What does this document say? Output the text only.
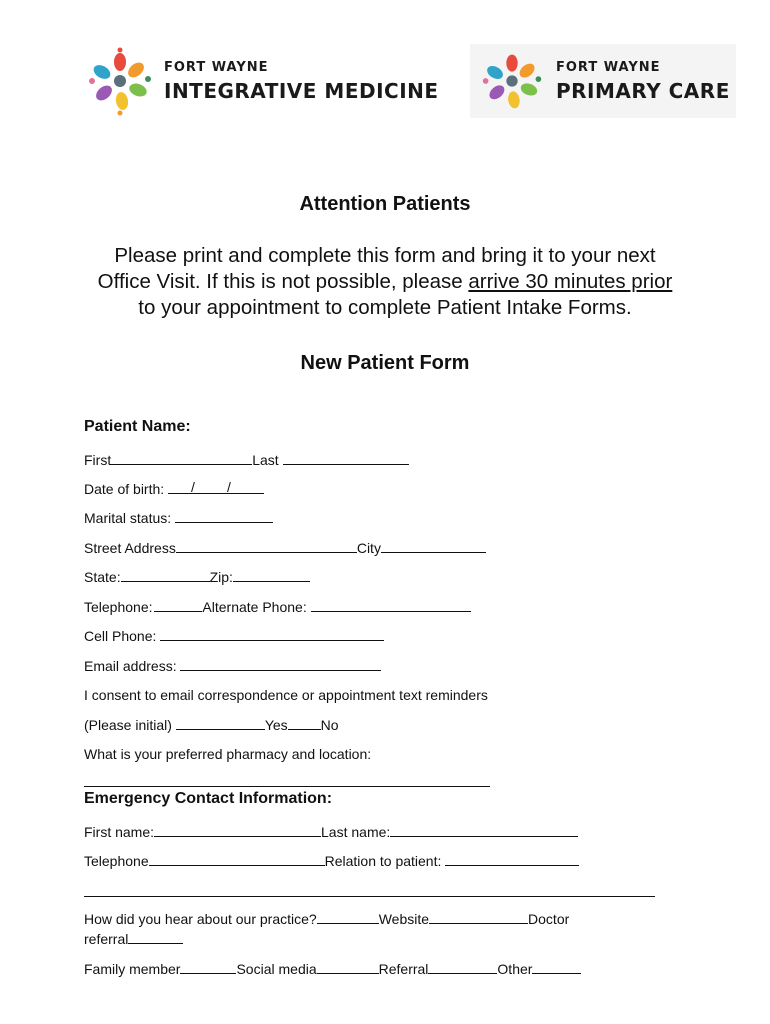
FORT WAYNE
INTEGRATIVE MEDICINE
FORT WAYNE
PRIMARY CARE
Attention Patients
Please print and complete this form and bring it to your next
Office Visit. If this is not possible, please arrive 30 minutes prior
to your appointment to complete Patient Intake Forms.
New Patient Form
Patient Name:
First	Last
Date of birth: / /
Marital status:
Street Address	City
State:	Zip:
Telephone:	Alternate Phone:
Cell Phone:
Email address:
I consent to email correspondence or appointment text reminders
(Please initial)	Yes No
What is your preferred pharmacy and location:
Emergency Contact Information:
First name:	Last name:
Telephone	Relation to patient:
How did you hear about our practice?	Website	Doctor
referral
Family member	Social media	Referral	Other
